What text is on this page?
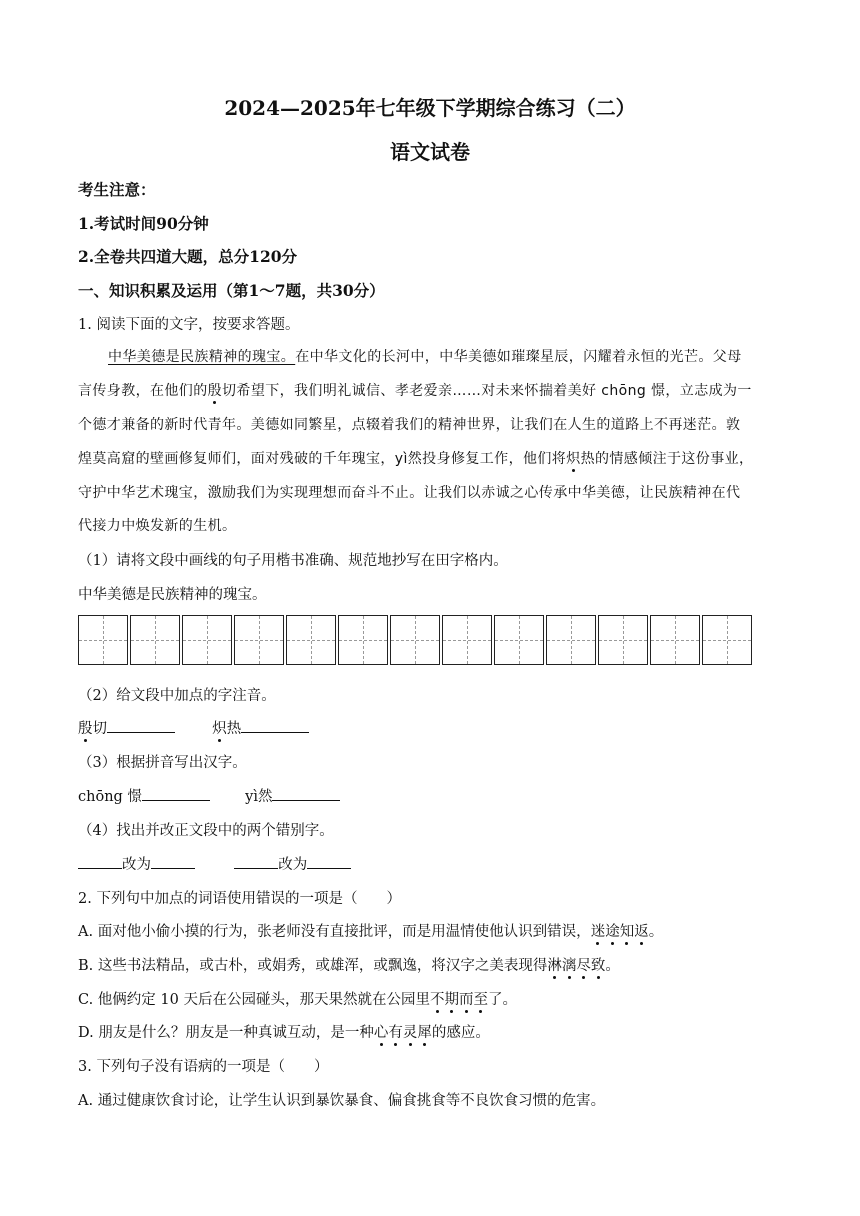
2024—2025年七年级下学期综合练习（二）
语文试卷
考生注意：
1.考试时间90分钟
2.全卷共四道大题，总分120分
一、知识积累及运用（第1～7题，共30分）
1. 阅读下面的文字，按要求答题。
中华美德是民族精神的瑰宝。在中华文化的长河中，中华美德如璀璨星辰，闪耀着永恒的光芒。父母
言传身教，在他们的殷切希望下，我们明礼诚信、孝老爱亲……对未来怀揣着美好 chōng 憬，立志成为一
个德才兼备的新时代青年。美德如同繁星，点辍着我们的精神世界，让我们在人生的道路上不再迷茫。敦
煌莫高窟的壁画修复师们，面对残破的千年瑰宝，yì然投身修复工作，他们将炽热的情感倾注于这份事业，
守护中华艺术瑰宝，激励我们为实现理想而奋斗不止。让我们以赤诚之心传承中华美德，让民族精神在代
代接力中焕发新的生机。
（1）请将文段中画线的句子用楷书准确、规范地抄写在田字格内。
中华美德是民族精神的瑰宝。
（2）给文段中加点的字注音。
殷切	炽热
（3）根据拼音写出汉字。
chōng 憬	yì然
（4）找出并改正文段中的两个错别字。
改为	改为
2. 下列句中加点的词语使用错误的一项是（　　）
A. 面对他小偷小摸的行为，张老师没有直接批评，而是用温情使他认识到错误，迷途知返。
B. 这些书法精品，或古朴，或娟秀，或雄浑，或飘逸，将汉字之美表现得淋漓尽致。
C. 他俩约定 10 天后在公园碰头，那天果然就在公园里不期而至了。
D. 朋友是什么？朋友是一种真诚互动，是一种心有灵犀的感应。
3. 下列句子没有语病的一项是（　　）
A. 通过健康饮食讨论，让学生认识到暴饮暴食、偏食挑食等不良饮食习惯的危害。
